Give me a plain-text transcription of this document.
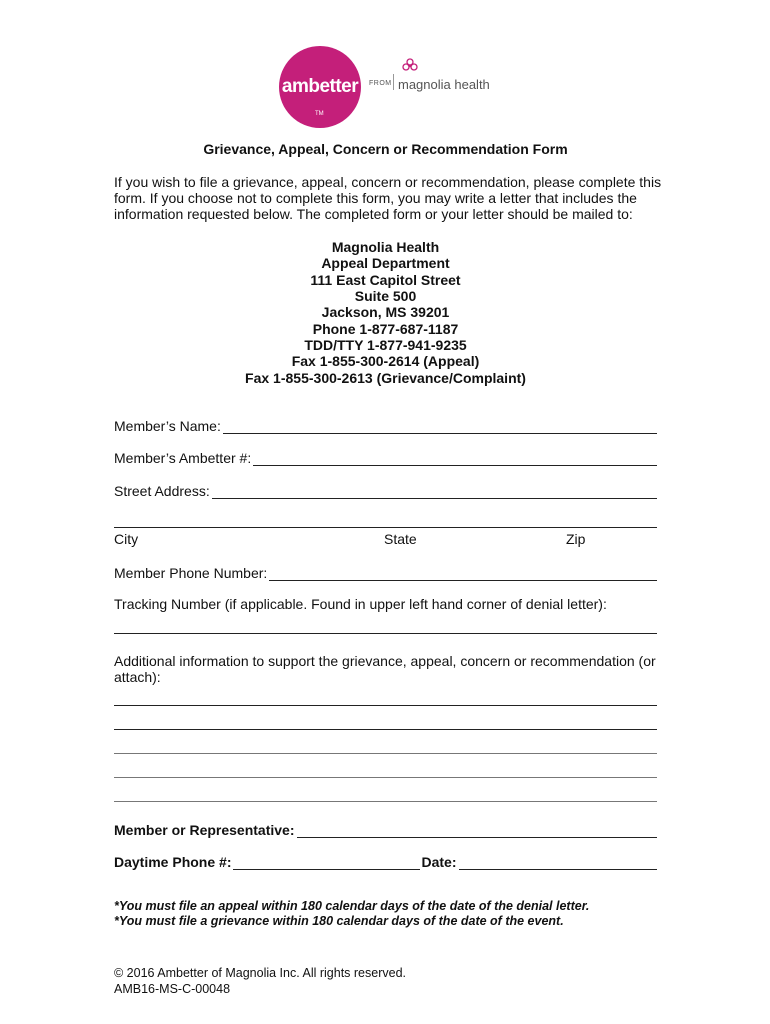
ambetter
TM
FROM magnolia health
Grievance, Appeal, Concern or Recommendation Form
If you wish to file a grievance, appeal, concern or recommendation, please complete this
form. If you choose not to complete this form, you may write a letter that includes the
information requested below. The completed form or your letter should be mailed to:
Magnolia Health
Appeal Department
111 East Capitol Street
Suite 500
Jackson, MS 39201
Phone 1-877-687-1187
TDD/TTY 1-877-941-9235
Fax 1-855-300-2614 (Appeal)
Fax 1-855-300-2613 (Grievance/Complaint)
Member’s Name:
Member’s Ambetter #:
Street Address:
City	State	Zip
Member Phone Number:
Tracking Number (if applicable. Found in upper left hand corner of denial letter):
Additional information to support the grievance, appeal, concern or recommendation (or
attach):
Member or Representative:
Daytime Phone #:	Date:
*You must file an appeal within 180 calendar days of the date of the denial letter.
*You must file a grievance within 180 calendar days of the date of the event.
© 2016 Ambetter of Magnolia Inc. All rights reserved.
AMB16-MS-C-00048
